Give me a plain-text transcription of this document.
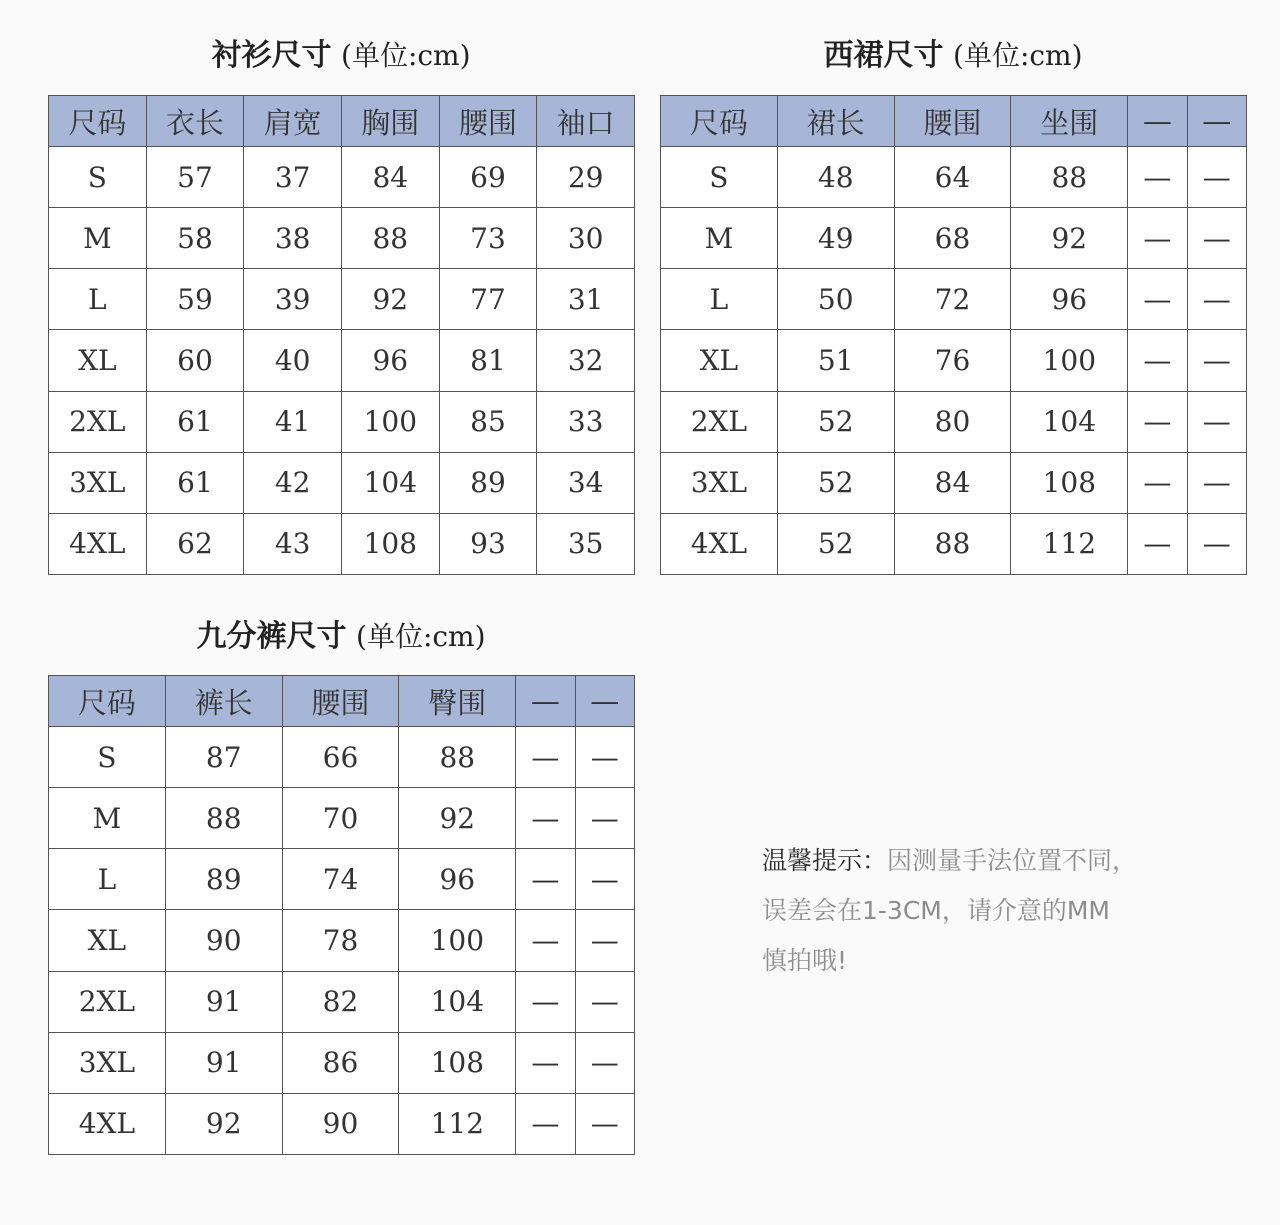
衬衫尺寸 (单位:cm)
尺码	衣长	肩宽	胸围	腰围	袖口
S	57	37	84	69	29
M	58	38	88	73	30
L	59	39	92	77	31
XL	60	40	96	81	32
2XL	61	41	100	85	33
3XL	61	42	104	89	34
4XL	62	43	108	93	35
西裙尺寸 (单位:cm)
尺码	裙长	腰围	坐围	—	—
S	48	64	88	—	—
M	49	68	92	—	—
L	50	72	96	—	—
XL	51	76	100	—	—
2XL	52	80	104	—	—
3XL	52	84	108	—	—
4XL	52	88	112	—	—
九分裤尺寸 (单位:cm)
尺码	裤长	腰围	臀围	—	—
S	87	66	88	—	—
M	88	70	92	—	—
L	89	74	96	—	—
XL	90	78	100	—	—
2XL	91	82	104	—	—
3XL	91	86	108	—	—
4XL	92	90	112	—	—
温馨提示：因测量手法位置不同，
误差会在1-3CM，请介意的MM
慎拍哦!
